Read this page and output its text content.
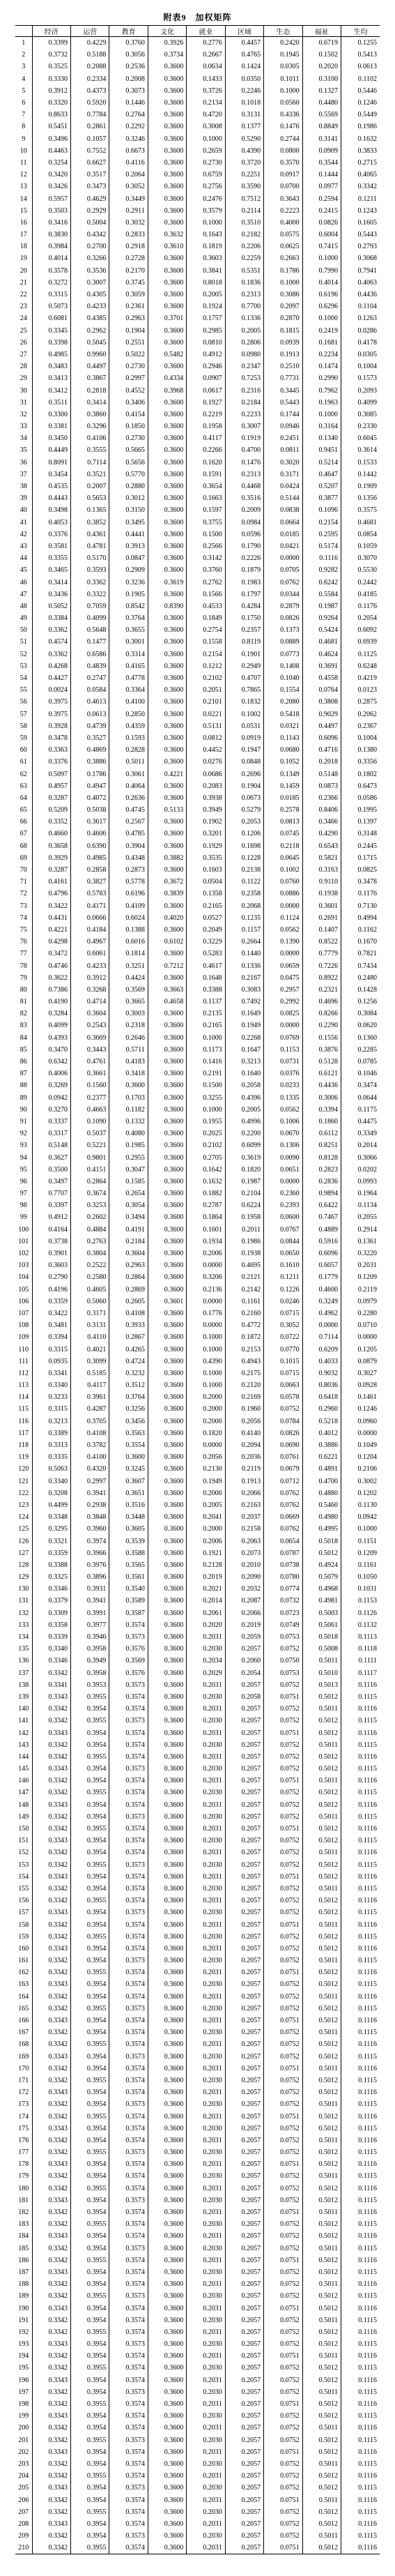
附表9　加权矩阵
	经济	运营	教育	文化	就业	区域	生态	福祉	生均
1	0.3399	0.4229	0.3760	0.3926	0.2776	0.4457	0.2420	0.6719	0.1255
2	0.3732	0.5188	0.3056	0.3734	0.2667	0.4765	0.1945	0.1502	0.5413
3	0.3525	0.2088	0.2536	0.3600	0.0634	0.1424	0.0305	0.2020	0.0613
4	0.3330	0.2334	0.2008	0.3600	0.1433	0.0350	0.1011	0.3100	0.1102
5	0.3912	0.4373	0.3073	0.3600	0.3726	0.2246	0.1000	0.1327	0.5446
6	0.3320	0.5920	0.1446	0.3600	0.2134	0.1018	0.0560	0.4480	0.1246
7	0.8633	0.7784	0.2764	0.3600	0.4720	0.3131	0.4336	0.5569	0.5449
8	0.5451	0.2861	0.2292	0.3600	0.3008	0.1377	0.1476	0.8849	0.1986
9	0.3496	0.1057	0.3246	0.3600	0.1000	0.5290	0.2744	0.3141	0.1632
10	0.4463	0.7552	0.6673	0.3600	0.2659	0.4390	0.0800	0.0909	0.3833
11	0.3254	0.6627	0.4116	0.3600	0.2730	0.3720	0.3570	0.3544	0.2715
12	0.3420	0.3517	0.2064	0.3600	0.6759	0.2251	0.0917	0.1444	0.4065
13	0.3426	0.3473	0.3052	0.3600	0.2756	0.3590	0.0700	0.0977	0.3342
14	0.5957	0.4629	0.3449	0.3600	0.2476	0.7512	0.3643	0.2594	0.1211
15	0.3503	0.2929	0.2911	0.3600	0.3579	0.2114	0.2223	0.2415	0.1243
16	0.3416	0.5004	0.3032	0.3600	0.1000	0.3510	0.4000	0.0826	0.1605
17	0.3830	0.4342	0.2833	0.3632	0.1643	0.2182	0.0575	0.6004	0.5443
18	0.3984	0.2700	0.2918	0.3610	0.1819	0.2206	0.0625	0.7415	0.2793
19	0.4014	0.3266	0.2728	0.3600	0.3603	0.2259	0.2663	0.1000	0.3068
20	0.3578	0.3536	0.2170	0.3600	0.3841	0.5351	0.1786	0.7990	0.7941
21	0.3272	0.3007	0.3745	0.3600	0.8018	0.1836	0.1000	0.4014	0.4063
22	0.3315	0.4305	0.3059	0.3600	0.2005	0.2313	0.3086	0.6196	0.4436
23	0.5073	0.4233	0.2361	0.3600	0.1924	0.7700	0.2097	0.6296	0.1104
24	0.6081	0.4385	0.2963	0.3701	0.1757	0.1336	0.2870	0.1000	0.1263
25	0.3345	0.2962	0.1904	0.3600	0.2985	0.2005	0.1815	0.2419	0.0286
26	0.3398	0.5045	0.2551	0.3600	0.0810	0.2806	0.0939	0.1681	0.4178
27	0.4985	0.9960	0.5022	0.5482	0.4912	0.0980	0.1913	0.2234	0.0305
28	0.3483	0.4497	0.2730	0.3600	0.2946	0.2347	0.2510	0.1474	0.1004
29	0.3413	0.3867	0.2997	0.4334	0.0907	0.7253	0.7731	0.2990	0.1573
30	0.3412	0.2818	0.4552	0.3968	0.0617	0.2316	0.3445	0.7962	0.2093
31	0.3511	0.3414	0.3406	0.3600	0.1927	0.2184	0.5443	0.1963	0.4099
32	0.3300	0.3860	0.4154	0.3600	0.2219	0.2233	0.1744	0.1000	0.3085
33	0.3381	0.3296	0.1850	0.3600	0.1958	0.3007	0.0946	0.3164	0.2330
34	0.3450	0.4106	0.2730	0.3600	0.4117	0.1919	0.2451	0.1340	0.6045
35	0.4449	0.3555	0.5665	0.3600	0.2266	0.4700	0.0811	0.9451	0.3614
36	0.8091	0.7114	0.5656	0.3600	0.1620	0.1476	0.3020	0.5214	0.1533
37	0.3454	0.3521	0.5770	0.3600	0.1591	0.2313	0.3171	0.4647	0.1442
38	0.4535	0.2007	0.2880	0.3600	0.3654	0.4468	0.0424	0.5207	0.1909
39	0.4443	0.5653	0.3012	0.3600	0.1663	0.3516	0.5144	0.3877	0.1356
40	0.3498	0.1365	0.3150	0.3600	0.1597	0.2009	0.0838	0.1096	0.3575
41	0.4053	0.3852	0.3495	0.3600	0.3755	0.0984	0.0664	0.2154	0.4681
42	0.3376	0.4361	0.4441	0.3600	0.1500	0.0596	0.0185	0.2595	0.0854
43	0.3581	0.4781	0.3913	0.3600	0.2566	0.1790	0.0421	0.5174	0.1059
44	0.3355	0.5170	0.0847	0.3600	0.3142	0.2226	0.0000	0.1116	0.3070
45	0.3465	0.3593	0.2909	0.3600	0.3760	0.1879	0.0705	0.9282	0.5530
46	0.3414	0.3362	0.3236	0.3619	0.2762	0.1983	0.0762	0.6242	0.2442
47	0.3436	0.3322	0.1905	0.3600	0.1566	0.1797	0.0344	0.5584	0.4185
48	0.5052	0.7059	0.8542	0.8390	0.4533	0.4284	0.2879	0.1987	0.1176
49	0.3384	0.4099	0.3764	0.3600	0.1849	0.1750	0.0826	0.9264	0.2054
50	0.3362	0.5648	0.3655	0.3600	0.2754	0.2357	0.1373	0.5424	0.6092
51	0.4574	0.1477	0.3001	0.3600	0.1558	0.8119	0.0889	0.4681	0.6939
52	0.3362	0.6586	0.3314	0.3600	0.2154	0.1901	0.0773	0.4624	0.1125
53	0.4268	0.4839	0.4165	0.3600	0.1212	0.2949	0.1408	0.3691	0.6248
54	0.4427	0.2747	0.4778	0.3600	0.2102	0.4707	0.1040	0.4558	0.4219
55	0.0024	0.0584	0.3364	0.3600	0.2051	0.7865	0.1554	0.0764	0.0123
56	0.3975	0.4613	0.4100	0.3600	0.2101	0.1832	0.2080	0.3808	0.2875
57	0.3975	0.0613	0.2850	0.3600	0.0221	0.1002	0.5418	0.9029	0.2062
58	0.3928	0.4739	0.4359	0.3600	0.5131	0.0531	0.0321	0.4497	0.2367
59	0.3478	0.3527	0.1593	0.3600	0.0812	0.0919	0.1143	0.6096	0.1004
60	0.3363	0.4869	0.2828	0.3600	0.4452	0.1947	0.0680	0.4716	0.1380
61	0.3376	0.3886	0.5011	0.3600	0.0276	0.0848	0.1052	0.2018	0.3356
62	0.5097	0.1786	0.3061	0.4221	0.0686	0.2696	0.1349	0.5148	0.1802
63	0.4957	0.4947	0.4064	0.3600	0.2083	0.1904	0.1459	0.0873	0.6473
64	0.3287	0.4072	0.2636	0.3600	0.3938	0.0673	0.0185	0.2366	0.0586
65	0.5209	0.5038	0.4745	0.5133	0.3949	0.5279	0.2578	0.8406	0.1995
66	0.3352	0.3617	0.2567	0.3600	0.1902	0.2053	0.0813	0.3466	0.1397
67	0.4660	0.4606	0.4785	0.3600	0.3201	0.1206	0.0745	0.4290	0.3148
68	0.3658	0.6390	0.3904	0.3600	0.1929	0.1698	0.2118	0.6543	0.2445
69	0.3929	0.4985	0.4348	0.3882	0.3535	0.1228	0.0645	0.5821	0.1715
70	0.3287	0.2858	0.2873	0.3600	0.1603	0.2138	0.1002	0.3163	0.0825
71	0.4161	0.3827	0.5778	0.3672	0.0504	0.1122	0.0760	0.9110	0.3478
72	0.4796	0.5783	0.6196	0.3839	0.1358	0.2358	0.0886	0.1938	0.1176
73	0.3422	0.4171	0.4109	0.3600	0.2165	0.2068	0.0000	0.3601	0.7130
74	0.4431	0.0666	0.6024	0.4020	0.0527	0.1235	0.1124	0.2691	0.4994
75	0.4221	0.4184	0.1388	0.3600	0.2049	0.1157	0.0562	0.1407	0.1162
76	0.4298	0.4967	0.6016	0.6102	0.3229	0.2664	0.1390	0.8522	0.1670
77	0.3472	0.6061	0.1814	0.3600	0.5283	0.1440	0.0000	0.7779	0.7821
78	0.4746	0.4233	0.3251	0.7212	0.4617	0.1336	0.0659	0.7226	0.7434
79	0.3622	0.3912	0.4424	0.3600	0.1648	0.2167	0.0475	0.8922	0.2480
80	0.7386	0.3268	0.3569	0.3663	0.3388	0.3083	0.2957	0.2321	0.1428
81	0.4190	0.4714	0.3665	0.4658	0.1137	0.7492	0.2992	0.4696	0.1256
82	0.3284	0.3604	0.3003	0.3600	0.2135	0.1649	0.0825	0.8266	0.3084
83	0.4099	0.2543	0.2318	0.3600	0.2165	0.1949	0.0000	0.2290	0.0620
84	0.4393	0.3669	0.2646	0.3600	0.1000	0.2268	0.0769	0.1556	0.1360
85	0.3470	0.3443	0.5711	0.3600	0.1173	0.1647	0.1153	0.3876	0.2285
86	0.6342	0.4761	0.4183	0.3600	0.1416	0.3213	0.0731	0.5128	0.0785
87	0.4006	0.3661	0.3418	0.3600	0.2191	0.1640	0.0376	0.6121	0.1046
88	0.3269	0.1560	0.3600	0.3600	0.1500	0.2058	0.0233	0.4436	0.3474
89	0.0942	0.2377	0.1703	0.3600	0.3255	0.4396	0.1335	0.3006	0.0644
90	0.3270	0.4663	0.1182	0.3600	0.1000	0.2005	0.0562	0.3394	0.1175
91	0.3337	0.1090	0.1332	0.3600	0.1955	0.4996	0.1006	0.1860	0.4475
92	0.3317	0.5037	0.4080	0.3600	0.2025	0.2200	0.0670	0.6112	0.3349
93	0.5148	0.5221	0.1985	0.3600	0.2102	0.6099	0.1306	0.8251	0.2014
94	0.3627	0.9801	0.2955	0.3600	0.2705	0.3619	0.0090	0.8128	0.3066
95	0.3500	0.4151	0.3047	0.3600	0.1642	0.1820	0.0651	0.2823	0.0202
96	0.3497	0.2864	0.1585	0.3600	0.1632	0.1987	0.0000	0.2836	0.0993
97	0.7707	0.3674	0.2654	0.3600	0.1882	0.2104	0.2360	0.9894	0.1964
98	0.3397	0.3253	0.3054	0.3600	0.2787	0.6224	0.2393	0.6422	0.1134
99	0.4912	0.2602	0.3494	0.3600	0.1864	0.1958	0.0600	0.7467	0.2055
100	0.4164	0.4884	0.4191	0.3600	0.1601	0.2011	0.0767	0.4889	0.2914
101	0.3738	0.2763	0.2184	0.3600	0.1934	0.1986	0.0844	0.5916	0.1361
102	0.3901	0.3804	0.3604	0.3600	0.2006	0.1938	0.0650	0.6096	0.3220
103	0.3603	0.2522	0.2963	0.3600	0.0000	0.4695	0.1610	0.6057	0.2031
104	0.2790	0.2580	0.2864	0.3600	0.3206	0.2121	0.1211	0.1779	0.1209
105	0.4196	0.4605	0.2869	0.3600	0.2136	0.2142	0.1226	0.4600	0.2119
106	0.3359	0.5060	0.2605	0.3601	0.0000	0.1161	0.0246	0.3249	0.0979
107	0.3422	0.3171	0.4108	0.3600	0.1776	0.2160	0.0715	0.4962	0.2280
108	0.3481	0.3131	0.3933	0.3600	0.0000	0.4772	0.3052	0.0000	0.0710
109	0.3394	0.4110	0.2867	0.3600	0.1000	0.1872	0.0722	0.7114	0.0000
110	0.3315	0.4021	0.4265	0.3600	0.1000	0.2153	0.0770	0.6209	0.1205
111	0.0935	0.3099	0.4724	0.3600	0.4390	0.4943	0.1015	0.4033	0.0879
112	0.3341	0.5185	0.3232	0.3600	0.1000	0.2175	0.0715	0.9032	0.3027
113	0.3340	0.4117	0.3512	0.3600	0.1000	0.2120	0.0663	0.8036	0.0928
114	0.3233	0.3961	0.3764	0.3600	0.2000	0.2169	0.0578	0.6418	0.1461
115	0.3315	0.4287	0.3256	0.3600	0.2000	0.1960	0.0752	0.2960	0.1246
116	0.3213	0.3705	0.3456	0.3600	0.2000	0.2056	0.0784	0.5218	0.0960
117	0.3389	0.4108	0.3563	0.3600	0.1820	0.4140	0.0826	0.4012	0.0000
118	0.3313	0.3782	0.3554	0.3600	0.0000	0.2094	0.0690	0.3886	0.1049
119	0.3335	0.4100	0.3600	0.3600	0.2056	0.2036	0.0761	0.6221	0.1204
120	0.5063	0.4320	0.3245	0.3600	0.2130	0.2119	0.0679	0.4891	0.2106
121	0.3340	0.2997	0.3607	0.3600	0.1949	0.1913	0.0712	0.4700	0.3002
122	0.3208	0.3941	0.3651	0.3600	0.2000	0.2066	0.0762	0.4880	0.1202
123	0.4499	0.2938	0.3516	0.3600	0.2005	0.2163	0.0762	0.5460	0.1130
124	0.3348	0.3848	0.3448	0.3600	0.2041	0.2037	0.0669	0.4980	0.0942
125	0.3295	0.3960	0.3605	0.3600	0.2000	0.2158	0.0762	0.4995	0.1000
126	0.3321	0.3974	0.3539	0.3600	0.2006	0.2063	0.0654	0.5018	0.1151
127	0.3359	0.3966	0.3588	0.3600	0.1921	0.2073	0.0787	0.5012	0.1209
128	0.3388	0.3976	0.3565	0.3600	0.2128	0.2010	0.0738	0.4924	0.1161
129	0.3325	0.3896	0.3561	0.3600	0.2019	0.2090	0.0780	0.5079	0.1050
130	0.3346	0.3931	0.3540	0.3600	0.2021	0.2032	0.0774	0.4968	0.1031
131	0.3379	0.3941	0.3589	0.3600	0.2014	0.2087	0.0732	0.4981	0.1153
132	0.3309	0.3991	0.3587	0.3600	0.2061	0.2066	0.0723	0.5003	0.1126
133	0.3358	0.3977	0.3574	0.3600	0.2020	0.2019	0.0749	0.5061	0.1132
134	0.3339	0.3946	0.3573	0.3600	0.2031	0.2059	0.0753	0.5018	0.1113
135	0.3340	0.3958	0.3576	0.3600	0.2030	0.2057	0.0752	0.5008	0.1118
136	0.3346	0.3949	0.3569	0.3600	0.2034	0.2060	0.0750	0.5011	0.1111
137	0.3342	0.3958	0.3576	0.3600	0.2029	0.2054	0.0753	0.5010	0.1117
138	0.3341	0.3953	0.3573	0.3600	0.2031	0.2057	0.0752	0.5013	0.1116
139	0.3343	0.3955	0.3574	0.3600	0.2030	0.2058	0.0751	0.5012	0.1115
140	0.3342	0.3954	0.3574	0.3600	0.2031	0.2057	0.0752	0.5011	0.1116
141	0.3342	0.3955	0.3573	0.3600	0.2030	0.2057	0.0752	0.5012	0.1115
142	0.3343	0.3954	0.3574	0.3600	0.2031	0.2057	0.0751	0.5012	0.1116
143	0.3342	0.3954	0.3574	0.3600	0.2030	0.2057	0.0752	0.5011	0.1115
144	0.3342	0.3955	0.3574	0.3600	0.2031	0.2057	0.0752	0.5012	0.1116
145	0.3343	0.3954	0.3573	0.3600	0.2030	0.2057	0.0752	0.5012	0.1115
146	0.3342	0.3954	0.3574	0.3600	0.2031	0.2057	0.0751	0.5011	0.1116
147	0.3342	0.3955	0.3574	0.3600	0.2030	0.2057	0.0752	0.5012	0.1115
148	0.3343	0.3954	0.3574	0.3600	0.2031	0.2057	0.0752	0.5012	0.1116
149	0.3342	0.3954	0.3573	0.3600	0.2030	0.2057	0.0752	0.5011	0.1115
150	0.3342	0.3955	0.3574	0.3600	0.2031	0.2057	0.0751	0.5012	0.1116
151	0.3343	0.3954	0.3574	0.3600	0.2030	0.2057	0.0752	0.5012	0.1115
152	0.3342	0.3954	0.3574	0.3600	0.2031	0.2057	0.0752	0.5011	0.1116
153	0.3342	0.3955	0.3573	0.3600	0.2030	0.2057	0.0752	0.5012	0.1115
154	0.3343	0.3954	0.3574	0.3600	0.2031	0.2057	0.0751	0.5012	0.1116
155	0.3342	0.3954	0.3574	0.3600	0.2030	0.2057	0.0752	0.5011	0.1115
156	0.3342	0.3955	0.3574	0.3600	0.2031	0.2057	0.0752	0.5012	0.1116
157	0.3343	0.3954	0.3573	0.3600	0.2030	0.2057	0.0752	0.5012	0.1115
158	0.3342	0.3954	0.3574	0.3600	0.2031	0.2057	0.0751	0.5011	0.1116
159	0.3342	0.3955	0.3574	0.3600	0.2030	0.2057	0.0752	0.5012	0.1115
160	0.3343	0.3954	0.3574	0.3600	0.2031	0.2057	0.0752	0.5012	0.1116
161	0.3342	0.3954	0.3573	0.3600	0.2030	0.2057	0.0752	0.5011	0.1115
162	0.3342	0.3955	0.3574	0.3600	0.2031	0.2057	0.0751	0.5012	0.1116
163	0.3343	0.3954	0.3574	0.3600	0.2030	0.2057	0.0752	0.5012	0.1115
164	0.3342	0.3954	0.3574	0.3600	0.2031	0.2057	0.0752	0.5011	0.1116
165	0.3342	0.3955	0.3573	0.3600	0.2030	0.2057	0.0752	0.5012	0.1115
166	0.3343	0.3954	0.3574	0.3600	0.2031	0.2057	0.0751	0.5012	0.1116
167	0.3342	0.3954	0.3574	0.3600	0.2030	0.2057	0.0752	0.5011	0.1115
168	0.3342	0.3955	0.3574	0.3600	0.2031	0.2057	0.0752	0.5012	0.1116
169	0.3343	0.3954	0.3573	0.3600	0.2030	0.2057	0.0752	0.5012	0.1115
170	0.3342	0.3954	0.3574	0.3600	0.2031	0.2057	0.0751	0.5011	0.1116
171	0.3342	0.3955	0.3574	0.3600	0.2030	0.2057	0.0752	0.5012	0.1115
172	0.3343	0.3954	0.3574	0.3600	0.2031	0.2057	0.0752	0.5012	0.1116
173	0.3342	0.3954	0.3573	0.3600	0.2030	0.2057	0.0752	0.5011	0.1115
174	0.3342	0.3955	0.3574	0.3600	0.2031	0.2057	0.0751	0.5012	0.1116
175	0.3343	0.3954	0.3574	0.3600	0.2030	0.2057	0.0752	0.5012	0.1115
176	0.3342	0.3954	0.3574	0.3600	0.2031	0.2057	0.0752	0.5011	0.1116
177	0.3342	0.3955	0.3573	0.3600	0.2030	0.2057	0.0752	0.5012	0.1115
178	0.3343	0.3954	0.3574	0.3600	0.2031	0.2057	0.0751	0.5012	0.1116
179	0.3342	0.3954	0.3574	0.3600	0.2030	0.2057	0.0752	0.5011	0.1115
180	0.3342	0.3955	0.3574	0.3600	0.2031	0.2057	0.0752	0.5012	0.1116
181	0.3343	0.3954	0.3573	0.3600	0.2030	0.2057	0.0752	0.5012	0.1115
182	0.3342	0.3954	0.3574	0.3600	0.2031	0.2057	0.0751	0.5011	0.1116
183	0.3342	0.3955	0.3574	0.3600	0.2030	0.2057	0.0752	0.5012	0.1115
184	0.3343	0.3954	0.3574	0.3600	0.2031	0.2057	0.0752	0.5012	0.1116
185	0.3342	0.3954	0.3573	0.3600	0.2030	0.2057	0.0752	0.5011	0.1115
186	0.3342	0.3955	0.3574	0.3600	0.2031	0.2057	0.0751	0.5012	0.1116
187	0.3343	0.3954	0.3574	0.3600	0.2030	0.2057	0.0752	0.5012	0.1115
188	0.3342	0.3954	0.3574	0.3600	0.2031	0.2057	0.0752	0.5011	0.1116
189	0.3342	0.3955	0.3573	0.3600	0.2030	0.2057	0.0752	0.5012	0.1115
190	0.3343	0.3954	0.3574	0.3600	0.2031	0.2057	0.0751	0.5012	0.1116
191	0.3342	0.3954	0.3574	0.3600	0.2030	0.2057	0.0752	0.5011	0.1115
192	0.3342	0.3955	0.3574	0.3600	0.2031	0.2057	0.0752	0.5012	0.1116
193	0.3343	0.3954	0.3573	0.3600	0.2030	0.2057	0.0752	0.5012	0.1115
194	0.3342	0.3954	0.3574	0.3600	0.2031	0.2057	0.0751	0.5011	0.1116
195	0.3342	0.3955	0.3574	0.3600	0.2030	0.2057	0.0752	0.5012	0.1115
196	0.3343	0.3954	0.3574	0.3600	0.2031	0.2057	0.0752	0.5012	0.1116
197	0.3342	0.3954	0.3573	0.3600	0.2030	0.2057	0.0752	0.5011	0.1115
198	0.3342	0.3955	0.3574	0.3600	0.2031	0.2057	0.0751	0.5012	0.1116
199	0.3343	0.3954	0.3574	0.3600	0.2030	0.2057	0.0752	0.5012	0.1115
200	0.3342	0.3954	0.3574	0.3600	0.2031	0.2057	0.0752	0.5011	0.1116
201	0.3342	0.3955	0.3573	0.3600	0.2030	0.2057	0.0752	0.5012	0.1115
202	0.3343	0.3954	0.3574	0.3600	0.2031	0.2057	0.0751	0.5012	0.1116
203	0.3342	0.3954	0.3574	0.3600	0.2030	0.2057	0.0752	0.5011	0.1115
204	0.3342	0.3955	0.3574	0.3600	0.2031	0.2057	0.0752	0.5012	0.1116
205	0.3343	0.3954	0.3573	0.3600	0.2030	0.2057	0.0752	0.5012	0.1115
206	0.3342	0.3954	0.3574	0.3600	0.2031	0.2057	0.0751	0.5011	0.1116
207	0.3342	0.3955	0.3574	0.3600	0.2030	0.2057	0.0752	0.5012	0.1115
208	0.3343	0.3954	0.3574	0.3600	0.2031	0.2057	0.0752	0.5012	0.1116
209	0.3342	0.3954	0.3573	0.3600	0.2030	0.2057	0.0752	0.5011	0.1115
210	0.3342	0.3955	0.3574	0.3600	0.2031	0.2057	0.0751	0.5012	0.1116
